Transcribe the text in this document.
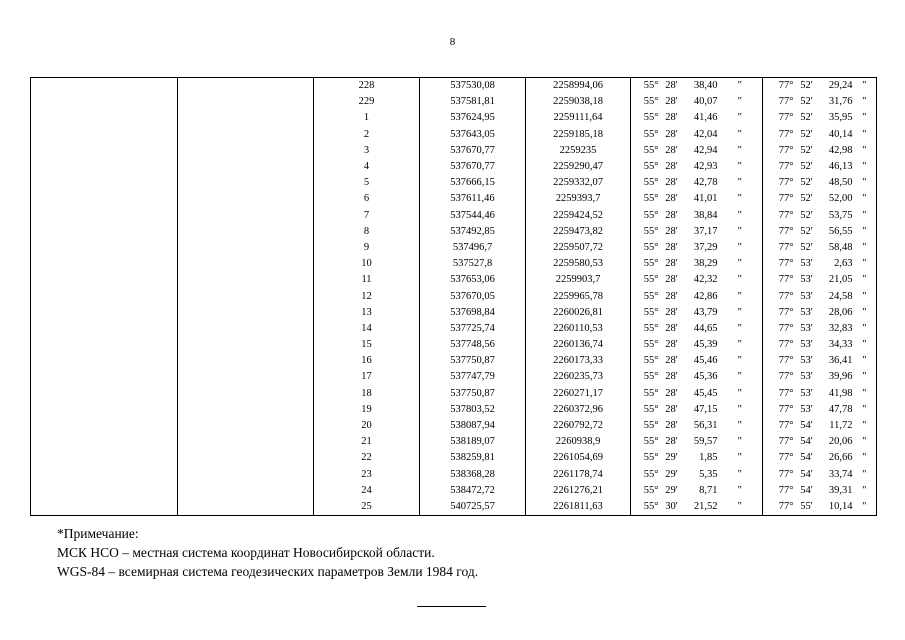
8
		228	537530,08	2258994,06	55°	28'	38,40	"	77°	52'	29,24	"
		229	537581,81	2259038,18	55°	28'	40,07	"	77°	52'	31,76	"
		1	537624,95	2259111,64	55°	28'	41,46	"	77°	52'	35,95	"
		2	537643,05	2259185,18	55°	28'	42,04	"	77°	52'	40,14	"
		3	537670,77	2259235	55°	28'	42,94	"	77°	52'	42,98	"
		4	537670,77	2259290,47	55°	28'	42,93	"	77°	52'	46,13	"
		5	537666,15	2259332,07	55°	28'	42,78	"	77°	52'	48,50	"
		6	537611,46	2259393,7	55°	28'	41,01	"	77°	52'	52,00	"
		7	537544,46	2259424,52	55°	28'	38,84	"	77°	52'	53,75	"
		8	537492,85	2259473,82	55°	28'	37,17	"	77°	52'	56,55	"
		9	537496,7	2259507,72	55°	28'	37,29	"	77°	52'	58,48	"
		10	537527,8	2259580,53	55°	28'	38,29	"	77°	53'	2,63	"
		11	537653,06	2259903,7	55°	28'	42,32	"	77°	53'	21,05	"
		12	537670,05	2259965,78	55°	28'	42,86	"	77°	53'	24,58	"
		13	537698,84	2260026,81	55°	28'	43,79	"	77°	53'	28,06	"
		14	537725,74	2260110,53	55°	28'	44,65	"	77°	53'	32,83	"
		15	537748,56	2260136,74	55°	28'	45,39	"	77°	53'	34,33	"
		16	537750,87	2260173,33	55°	28'	45,46	"	77°	53'	36,41	"
		17	537747,79	2260235,73	55°	28'	45,36	"	77°	53'	39,96	"
		18	537750,87	2260271,17	55°	28'	45,45	"	77°	53'	41,98	"
		19	537803,52	2260372,96	55°	28'	47,15	"	77°	53'	47,78	"
		20	538087,94	2260792,72	55°	28'	56,31	"	77°	54'	11,72	"
		21	538189,07	2260938,9	55°	28'	59,57	"	77°	54'	20,06	"
		22	538259,81	2261054,69	55°	29'	1,85	"	77°	54'	26,66	"
		23	538368,28	2261178,74	55°	29'	5,35	"	77°	54'	33,74	"
		24	538472,72	2261276,21	55°	29'	8,71	"	77°	54'	39,31	"
		25	540725,57	2261811,63	55°	30'	21,52	"	77°	55'	10,14	"
*Примечание:
МСК НСО – местная система координат Новосибирской области.
WGS-84 – всемирная система геодезических параметров Земли 1984 год.
